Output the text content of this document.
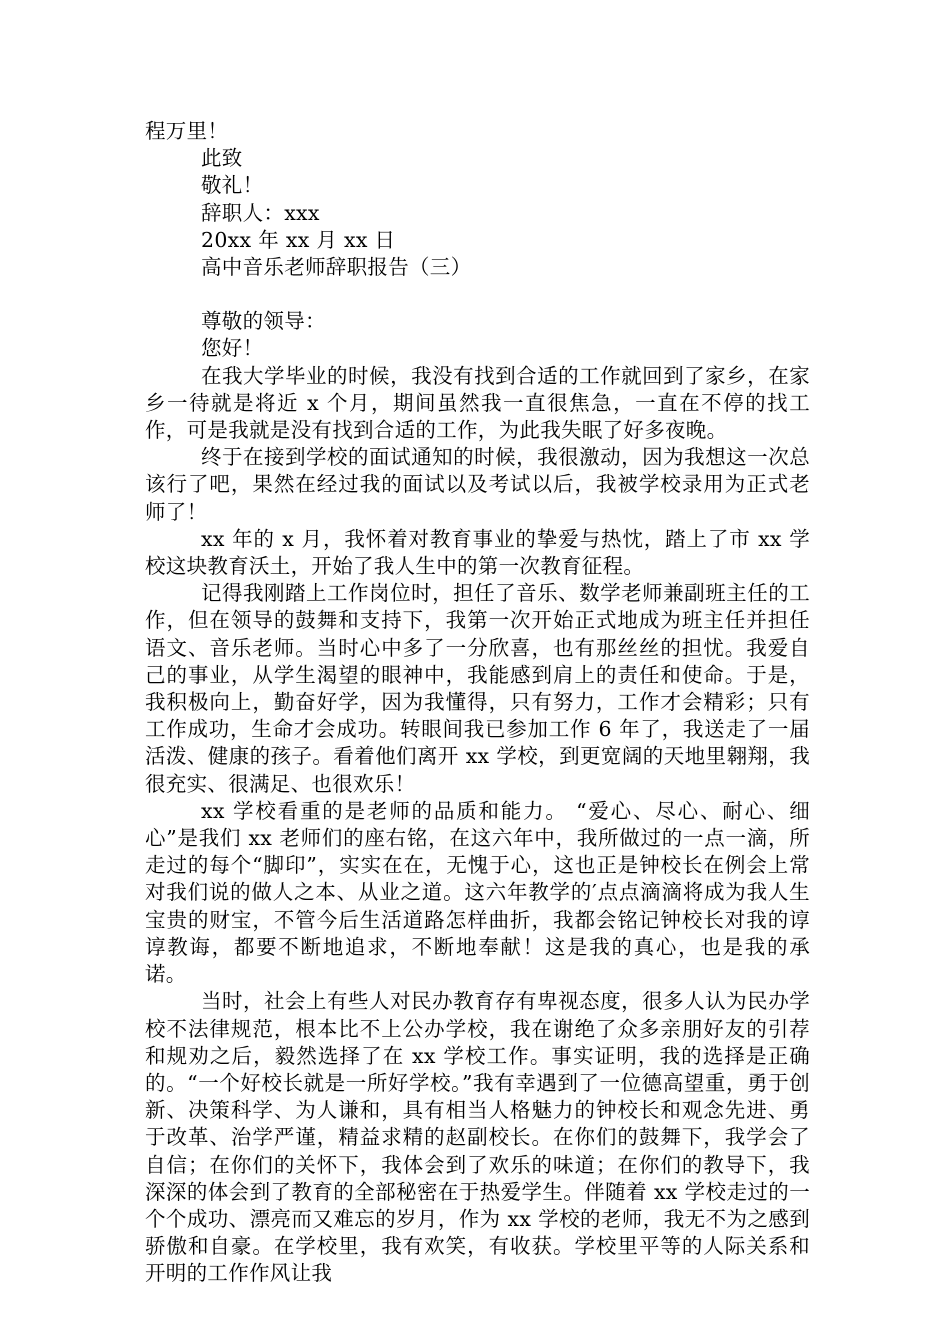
程万里！
此致
敬礼！
辞职人：xxx
20xx 年 xx 月 xx 日
高中音乐老师辞职报告（三）
尊敬的领导：
您好！
在我大学毕业的时候，我没有找到合适的工作就回到了家乡，在家乡一待就是将近 x 个月，期间虽然我一直很焦急，一直在不停的找工作，可是我就是没有找到合适的工作，为此我失眠了好多夜晚。
终于在接到学校的面试通知的时候，我很激动，因为我想这一次总该行了吧，果然在经过我的面试以及考试以后，我被学校录用为正式老师了！
xx 年的 x 月，我怀着对教育事业的挚爱与热忱，踏上了市 xx 学校这块教育沃土，开始了我人生中的第一次教育征程。
记得我刚踏上工作岗位时，担任了音乐、数学老师兼副班主任的工作，但在领导的鼓舞和支持下，我第一次开始正式地成为班主任并担任语文、音乐老师。当时心中多了一分欣喜，也有那丝丝的担忧。我爱自己的事业，从学生渴望的眼神中，我能感到肩上的责任和使命。于是，我积极向上，勤奋好学，因为我懂得，只有努力，工作才会精彩；只有工作成功，生命才会成功。转眼间我已参加工作 6 年了，我送走了一届活泼、健康的孩子。看着他们离开 xx 学校，到更宽阔的天地里翱翔，我很充实、很满足、也很欢乐！
xx 学校看重的是老师的品质和能力。 “爱心、尽心、耐心、细心”是我们 xx 老师们的座右铭，在这六年中，我所做过的一点一滴，所走过的每个“脚印”，实实在在，无愧于心，这也正是钟校长在例会上常对我们说的做人之本、从业之道。这六年教学的′点点滴滴将成为我人生宝贵的财宝，不管今后生活道路怎样曲折，我都会铭记钟校长对我的谆谆教诲，都要不断地追求，不断地奉献！这是我的真心，也是我的承诺。
当时，社会上有些人对民办教育存有卑视态度，很多人认为民办学校不法律规范，根本比不上公办学校，我在谢绝了众多亲朋好友的引荐和规劝之后，毅然选择了在 xx 学校工作。事实证明，我的选择是正确的。“一个好校长就是一所好学校。”我有幸遇到了一位德高望重，勇于创新、决策科学、为人谦和，具有相当人格魅力的钟校长和观念先进、勇于改革、治学严谨，精益求精的赵副校长。在你们的鼓舞下，我学会了自信；在你们的关怀下，我体会到了欢乐的味道；在你们的教导下，我深深的体会到了教育的全部秘密在于热爱学生。伴随着 xx 学校走过的一个个成功、漂亮而又难忘的岁月，作为 xx 学校的老师，我无不为之感到骄傲和自豪。在学校里，我有欢笑，有收获。学校里平等的人际关系和开明的工作作风让我
